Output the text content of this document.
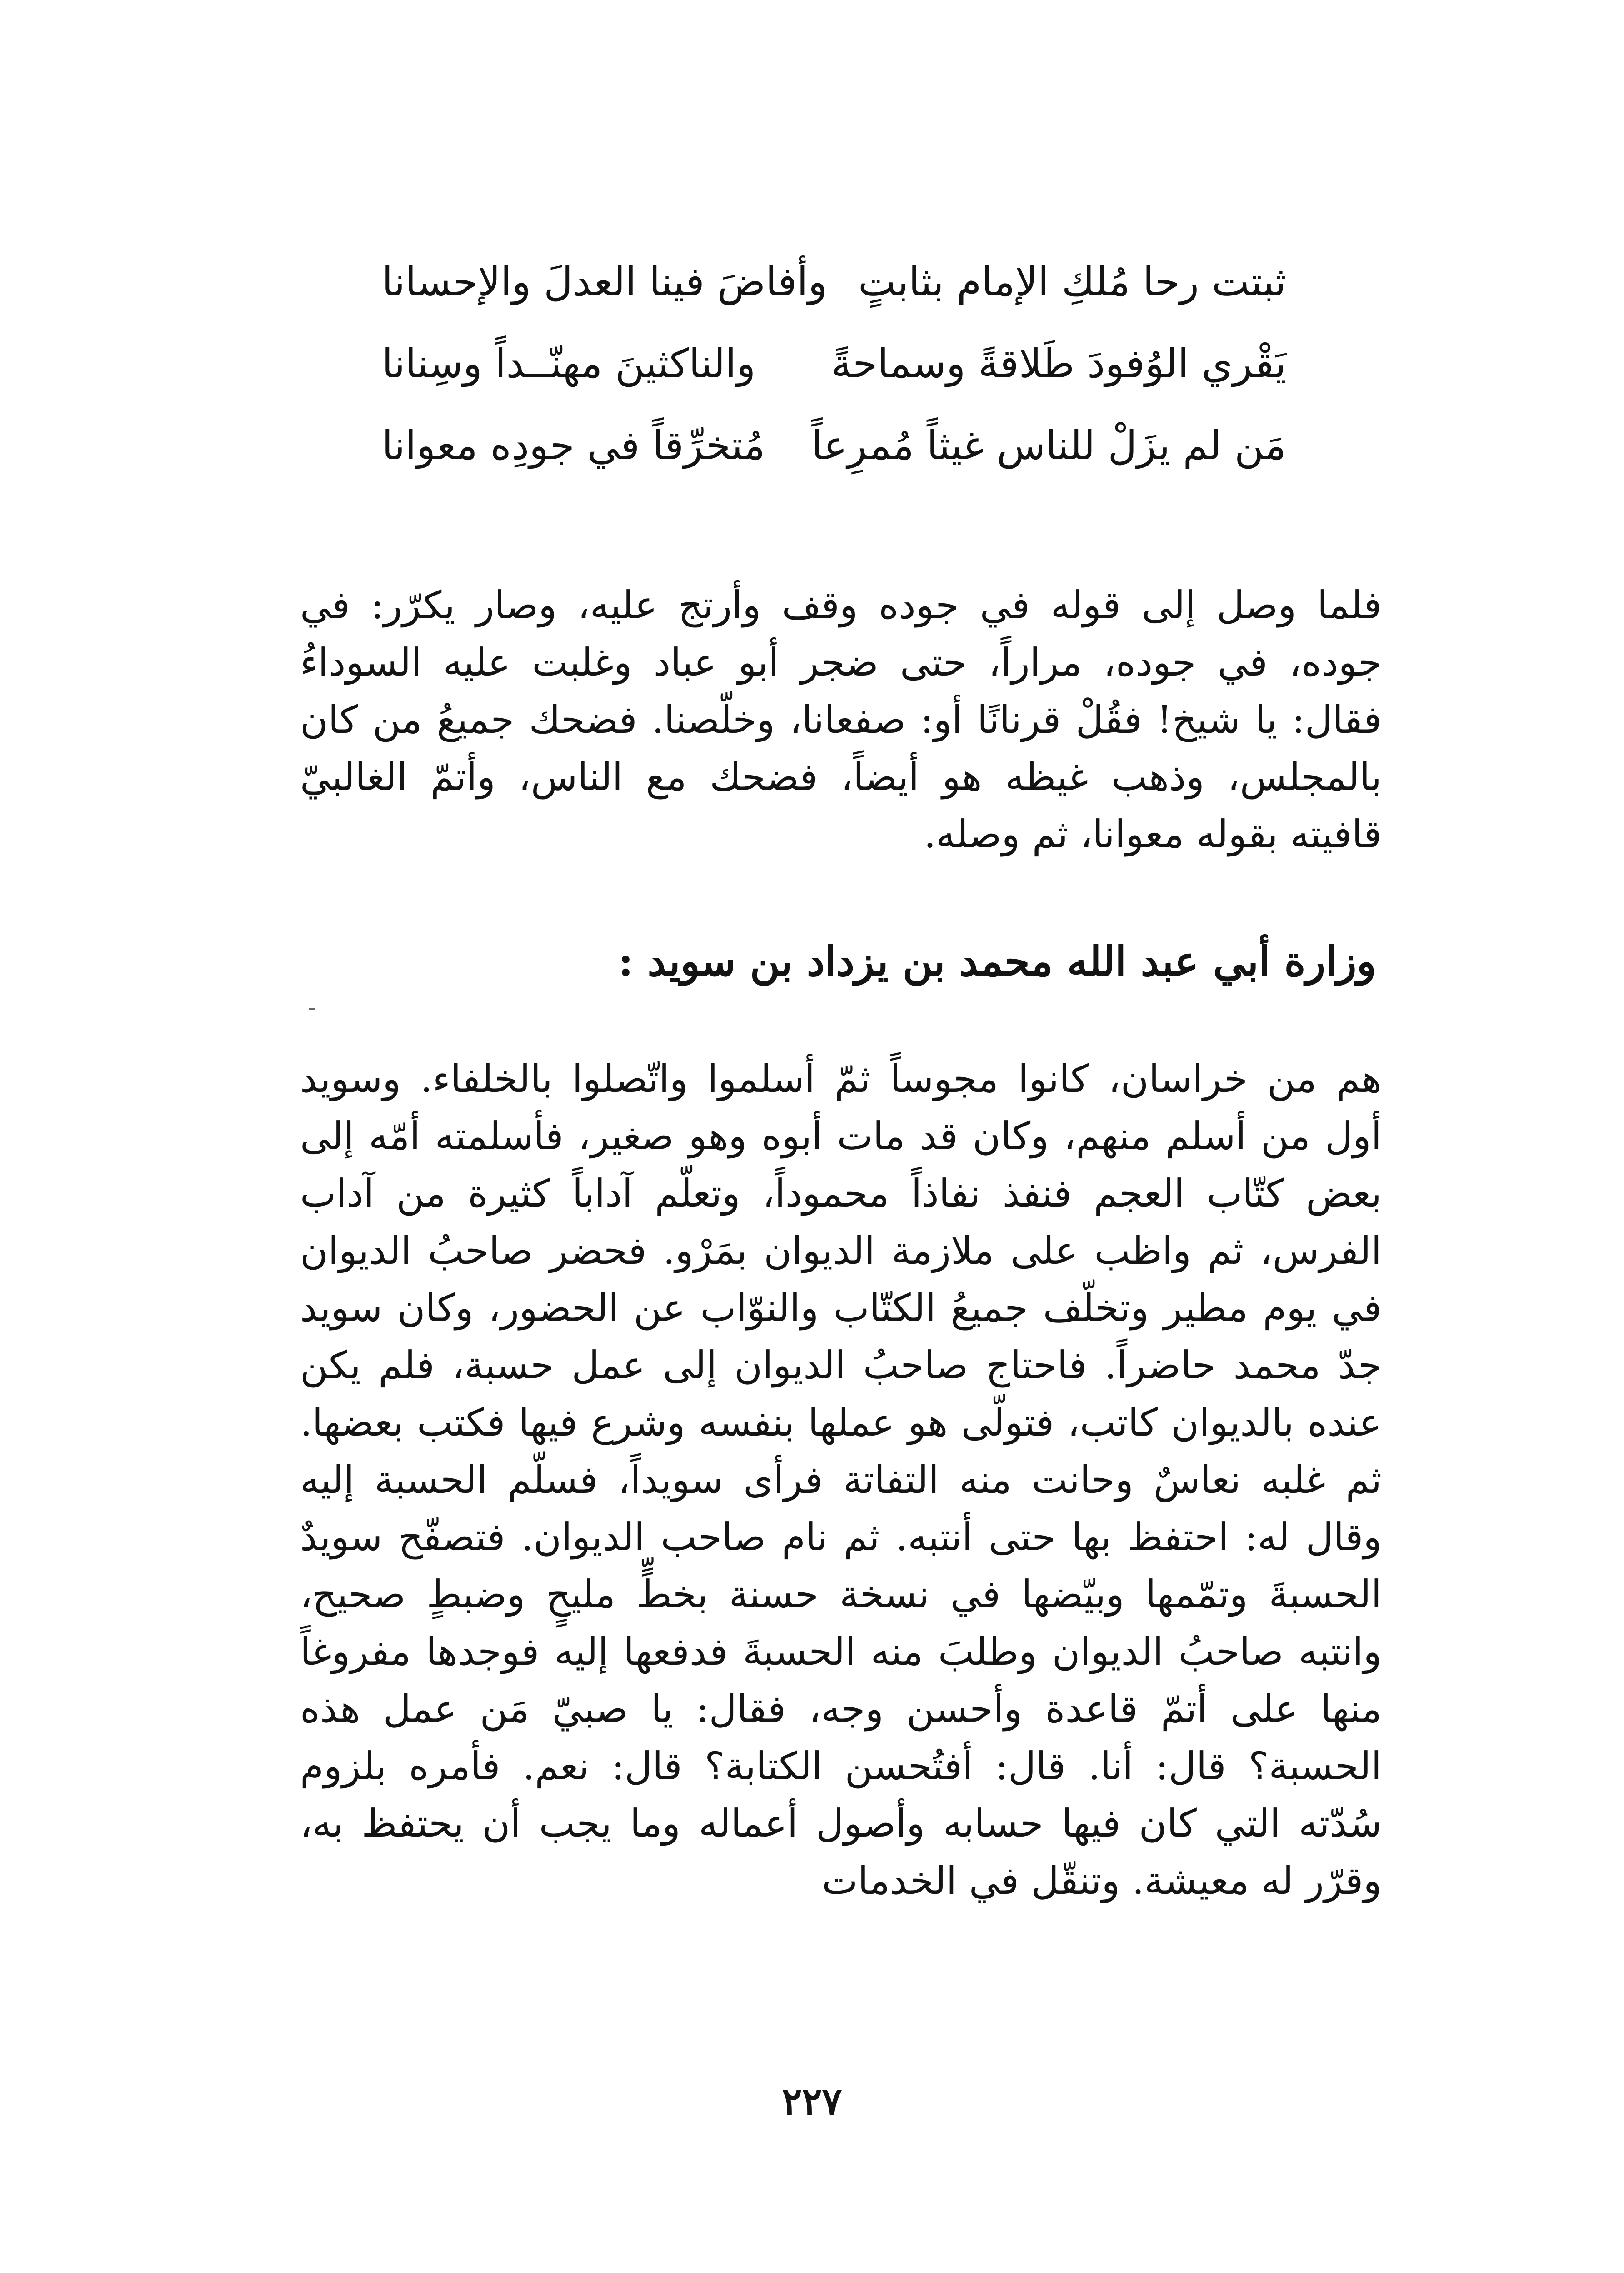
ثبتت رحا مُلكِ الإمام بثابتٍ
وأفاضَ فينا العدلَ والإحسانا
يَقْري الوُفودَ طَلاقةً وسماحةً
والناكثينَ مهنّــداً وسِنانا
مَن لم يزَلْ للناس غيثاً مُمرِعاً
مُتخرِّقاً في جودِه معوانا

فلما وصل إلى قوله في جوده وقف وأرتج عليه، وصار يكرّر: في جوده، في جوده، مراراً، حتى ضجر أبو عباد وغلبت عليه السوداءُ فقال: يا شيخ! فقُلْ قرنانًا أو: صفعانا، وخلّصنا. فضحك جميعُ من كان بالمجلس، وذهب غيظه هو أيضاً، فضحك مع الناس، وأتمّ الغالبيّ قافيته بقوله معوانا، ثم وصله.

وزارة أبي عبد الله محمد بن يزداد بن سويد :

هم من خراسان، كانوا مجوساً ثمّ أسلموا واتّصلوا بالخلفاء. وسويد أول من أسلم منهم، وكان قد مات أبوه وهو صغير، فأسلمته أمّه إلى بعض كتّاب العجم فنفذ نفاذاً محموداً، وتعلّم آداباً كثيرة من آداب الفرس، ثم واظب على ملازمة الديوان بمَرْو. فحضر صاحبُ الديوان في يوم مطير وتخلّف جميعُ الكتّاب والنوّاب عن الحضور، وكان سويد جدّ محمد حاضراً. فاحتاج صاحبُ الديوان إلى عمل حسبة، فلم يكن عنده بالديوان كاتب، فتولّى هو عملها بنفسه وشرع فيها فكتب بعضها. ثم غلبه نعاسٌ وحانت منه التفاتة فرأى سويداً، فسلّم الحسبة إليه وقال له: احتفظ بها حتى أنتبه. ثم نام صاحب الديوان. فتصفّح سويدٌ الحسبةَ وتمّمها وبيّضها في نسخة حسنة بخطٍّ مليحٍ وضبطٍ صحيح، وانتبه صاحبُ الديوان وطلبَ منه الحسبةَ فدفعها إليه فوجدها مفروغاً منها على أتمّ قاعدة وأحسن وجه، فقال: يا صبيّ مَن عمل هذه الحسبة؟ قال: أنا. قال: أفتُحسن الكتابة؟ قال: نعم. فأمره بلزوم سُدّته التي كان فيها حسابه وأصول أعماله وما يجب أن يحتفظ به، وقرّر له معيشة. وتنقّل في الخدمات

٢٢٧
